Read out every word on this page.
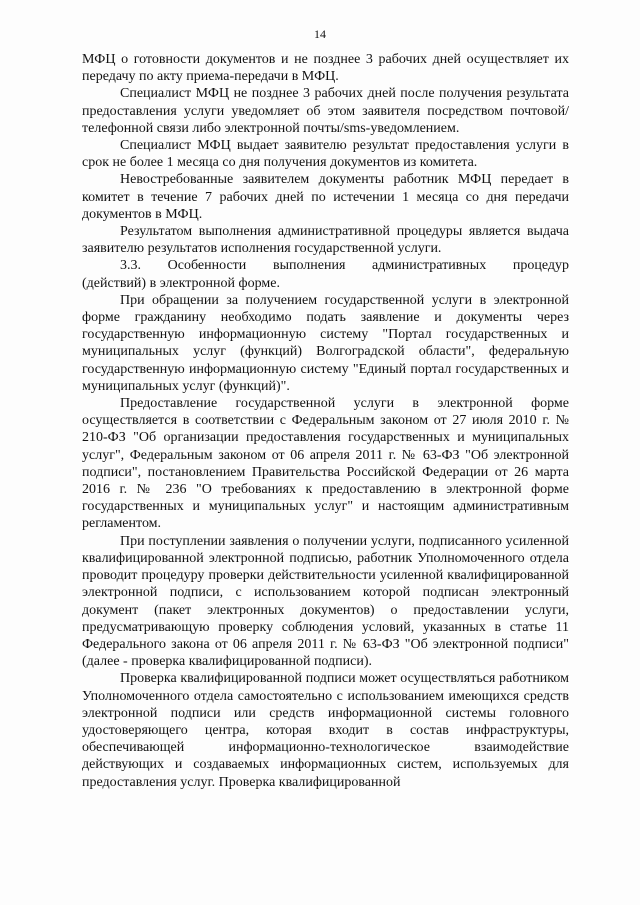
14

МФЦ о готовности документов и не позднее 3 рабочих дней осуществляет их передачу по акту приема-передачи в МФЦ.

Специалист МФЦ не позднее 3 рабочих дней после получения результата предоставления услуги уведомляет об этом заявителя посредством почтовой/телефонной связи либо электронной почты/sms-уведомлением.

Специалист МФЦ выдает заявителю результат предоставления услуги в срок не более 1 месяца со дня получения документов из комитета.

Невостребованные заявителем документы работник МФЦ передает в комитет в течение 7 рабочих дней по истечении 1 месяца со дня передачи документов в МФЦ.

Результатом выполнения административной процедуры является выдача заявителю результатов исполнения государственной услуги.

3.3.   Особенности   выполнения   административных   процедур (действий) в электронной форме.

При обращении за получением государственной услуги в электронной форме гражданину необходимо подать заявление и документы через государственную информационную систему "Портал государственных и муниципальных услуг (функций) Волгоградской области", федеральную государственную информационную систему "Единый портал государственных и муниципальных услуг (функций)".

Предоставление государственной услуги в электронной форме осуществляется в соответствии с Федеральным законом от 27 июля 2010 г. № 210-ФЗ "Об организации предоставления государственных и муниципальных услуг", Федеральным законом от 06 апреля 2011 г. № 63-ФЗ "Об электронной подписи", постановлением Правительства Российской Федерации от 26 марта 2016 г. № 236 "О требованиях к предоставлению в электронной форме государственных и муниципальных услуг" и настоящим административным регламентом.

При поступлении заявления о получении услуги, подписанного усиленной квалифицированной электронной подписью, работник Уполномоченного отдела проводит процедуру проверки действительности усиленной квалифицированной электронной подписи, с использованием которой подписан электронный документ (пакет электронных документов) о предоставлении услуги, предусматривающую проверку соблюдения условий, указанных в статье 11 Федерального закона от 06 апреля 2011 г. № 63-ФЗ "Об электронной подписи" (далее - проверка квалифицированной подписи).

Проверка квалифицированной подписи может осуществляться работником Уполномоченного отдела самостоятельно с использованием имеющихся средств электронной подписи или средств информационной системы головного удостоверяющего центра, которая входит в состав инфраструктуры, обеспечивающей информационно-технологическое взаимодействие действующих и создаваемых информационных систем, используемых для предоставления услуг. Проверка квалифицированной
